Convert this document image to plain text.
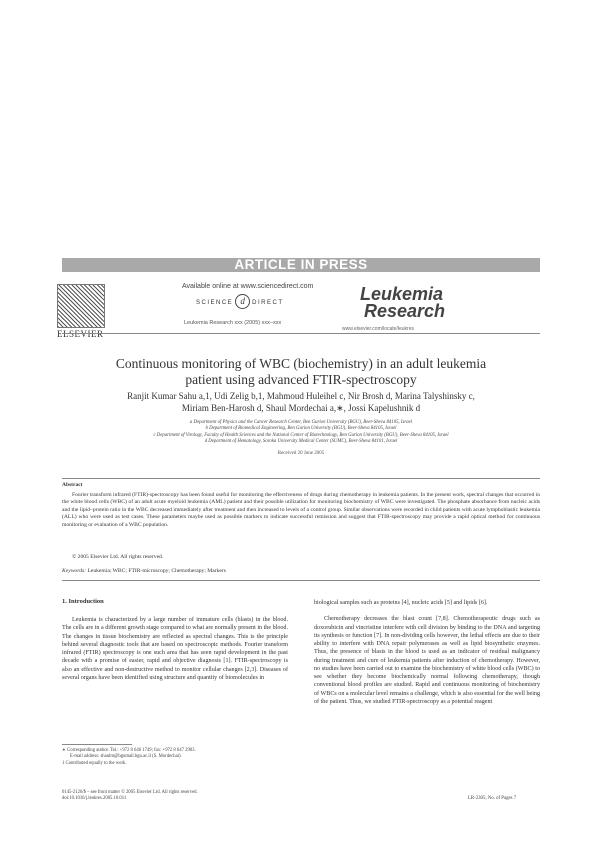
ARTICLE IN PRESS
ELSEVIER
Available online at www.sciencedirect.com
SCIENCE d DIRECT
Leukemia Research xxx (2005) xxx–xxx
Leukemia
Research
www.elsevier.com/locate/leukres
Continuous monitoring of WBC (biochemistry) in an adult leukemia
patient using advanced FTIR-spectroscopy
Ranjit Kumar Sahu a,1, Udi Zelig b,1, Mahmoud Huleihel c, Nir Brosh d, Marina Talyshinsky c,
Miriam Ben-Harosh d, Shaul Mordechai a,∗, Jossi Kapelushnik d
a Department of Physics and the Cancer Research Center, Ben Gurion University (BGU), Beer-Sheva 84105, Israel
b Department of Biomedical Engineering, Ben Gurion University (BGU), Beer-Sheva 84105, Israel
c Department of Virology, Faculty of Health Sciences and the National Center of Biotechnology, Ben Gurion University (BGU), Beer-Sheva 84105, Israel
d Department of Hematology, Soroka University Medical Center (SUMC), Beer-Sheva 84101, Israel
Received 20 June 2005
Abstract
Fourier transform infrared (FTIR)-spectroscopy has been found useful for monitoring the effectiveness of drugs during chemotherapy in leukemia patients. In the present work, spectral changes that occurred in the white blood cells (WBC) of an adult acute myeloid leukemia (AML) patient and their possible utilization for monitoring biochemistry of WBC were investigated. The phosphate absorbance from nucleic acids and the lipid–protein ratio in the WBC decreased immediately after treatment and then increased to levels of a control group. Similar observations were recorded in child patients with acute lymphoblastic leukemia (ALL) who were used as test cases. These parameters maybe used as possible markers to indicate successful remission and suggest that FTIR-spectroscopy may provide a rapid optical method for continuous monitoring or evaluation of a WBC population.
© 2005 Elsevier Ltd. All rights reserved.
Keywords: Leukemia; WBC; FTIR-microscopy; Chemotherapy; Markers
1. Introduction

Leukemia is characterized by a large number of immature cells (blasts) in the blood. The cells are in a different growth stage compared to what are normally present in the blood. The changes in tissue biochemistry are reflected as spectral changes. This is the principle behind several diagnostic tools that are based on spectroscopic methods. Fourier transform infrared (FTIR) spectroscopy is one such area that has seen rapid development in the past decade with a promise of easier, rapid and objective diagnosis [1]. FTIR-spectroscopy is also an effective and non-destructive method to monitor cellular changes [2,3]. Diseases of several organs have been identified using structure and quantity of biomolecules in

biological samples such as proteins [4], nucleic acids [5] and lipids [6].

Chemotherapy decreases the blast count [7,8]. Chemotherapeutic drugs such as doxorubicin and vincristine interfere with cell division by binding to the DNA and targeting its synthesis or function [7]. In non-dividing cells however, the lethal effects are due to their ability to interfere with DNA repair polymerases as well as lipid biosynthetic enzymes. Thus, the presence of blasts in the blood is used as an indicator of residual malignancy during treatment and cure of leukemia patients after induction of chemotherapy. However, no studies have been carried out to examine the biochemistry of white blood cells (WBC) to see whether they become biochemically normal following chemotherapy, though conventional blood profiles are studied. Rapid and continuous monitoring of biochemistry of WBCs on a molecular level remains a challenge, which is also essential for the well being of the patient. Thus, we studied FTIR-spectroscopy as a potential reagent

∗ Corresponding author. Tel.: +972 8 646 1749; fax: +972 8 647 2903.
E-mail address: shaulm@bgumail.bgu.ac.il (S. Mordechai).
1 Contributed equally to the work.
0145-2126/$ – see front matter © 2005 Elsevier Ltd. All rights reserved.
doi:10.1016/j.leukres.2005.10.011	LR-2305; No. of Pages 7
